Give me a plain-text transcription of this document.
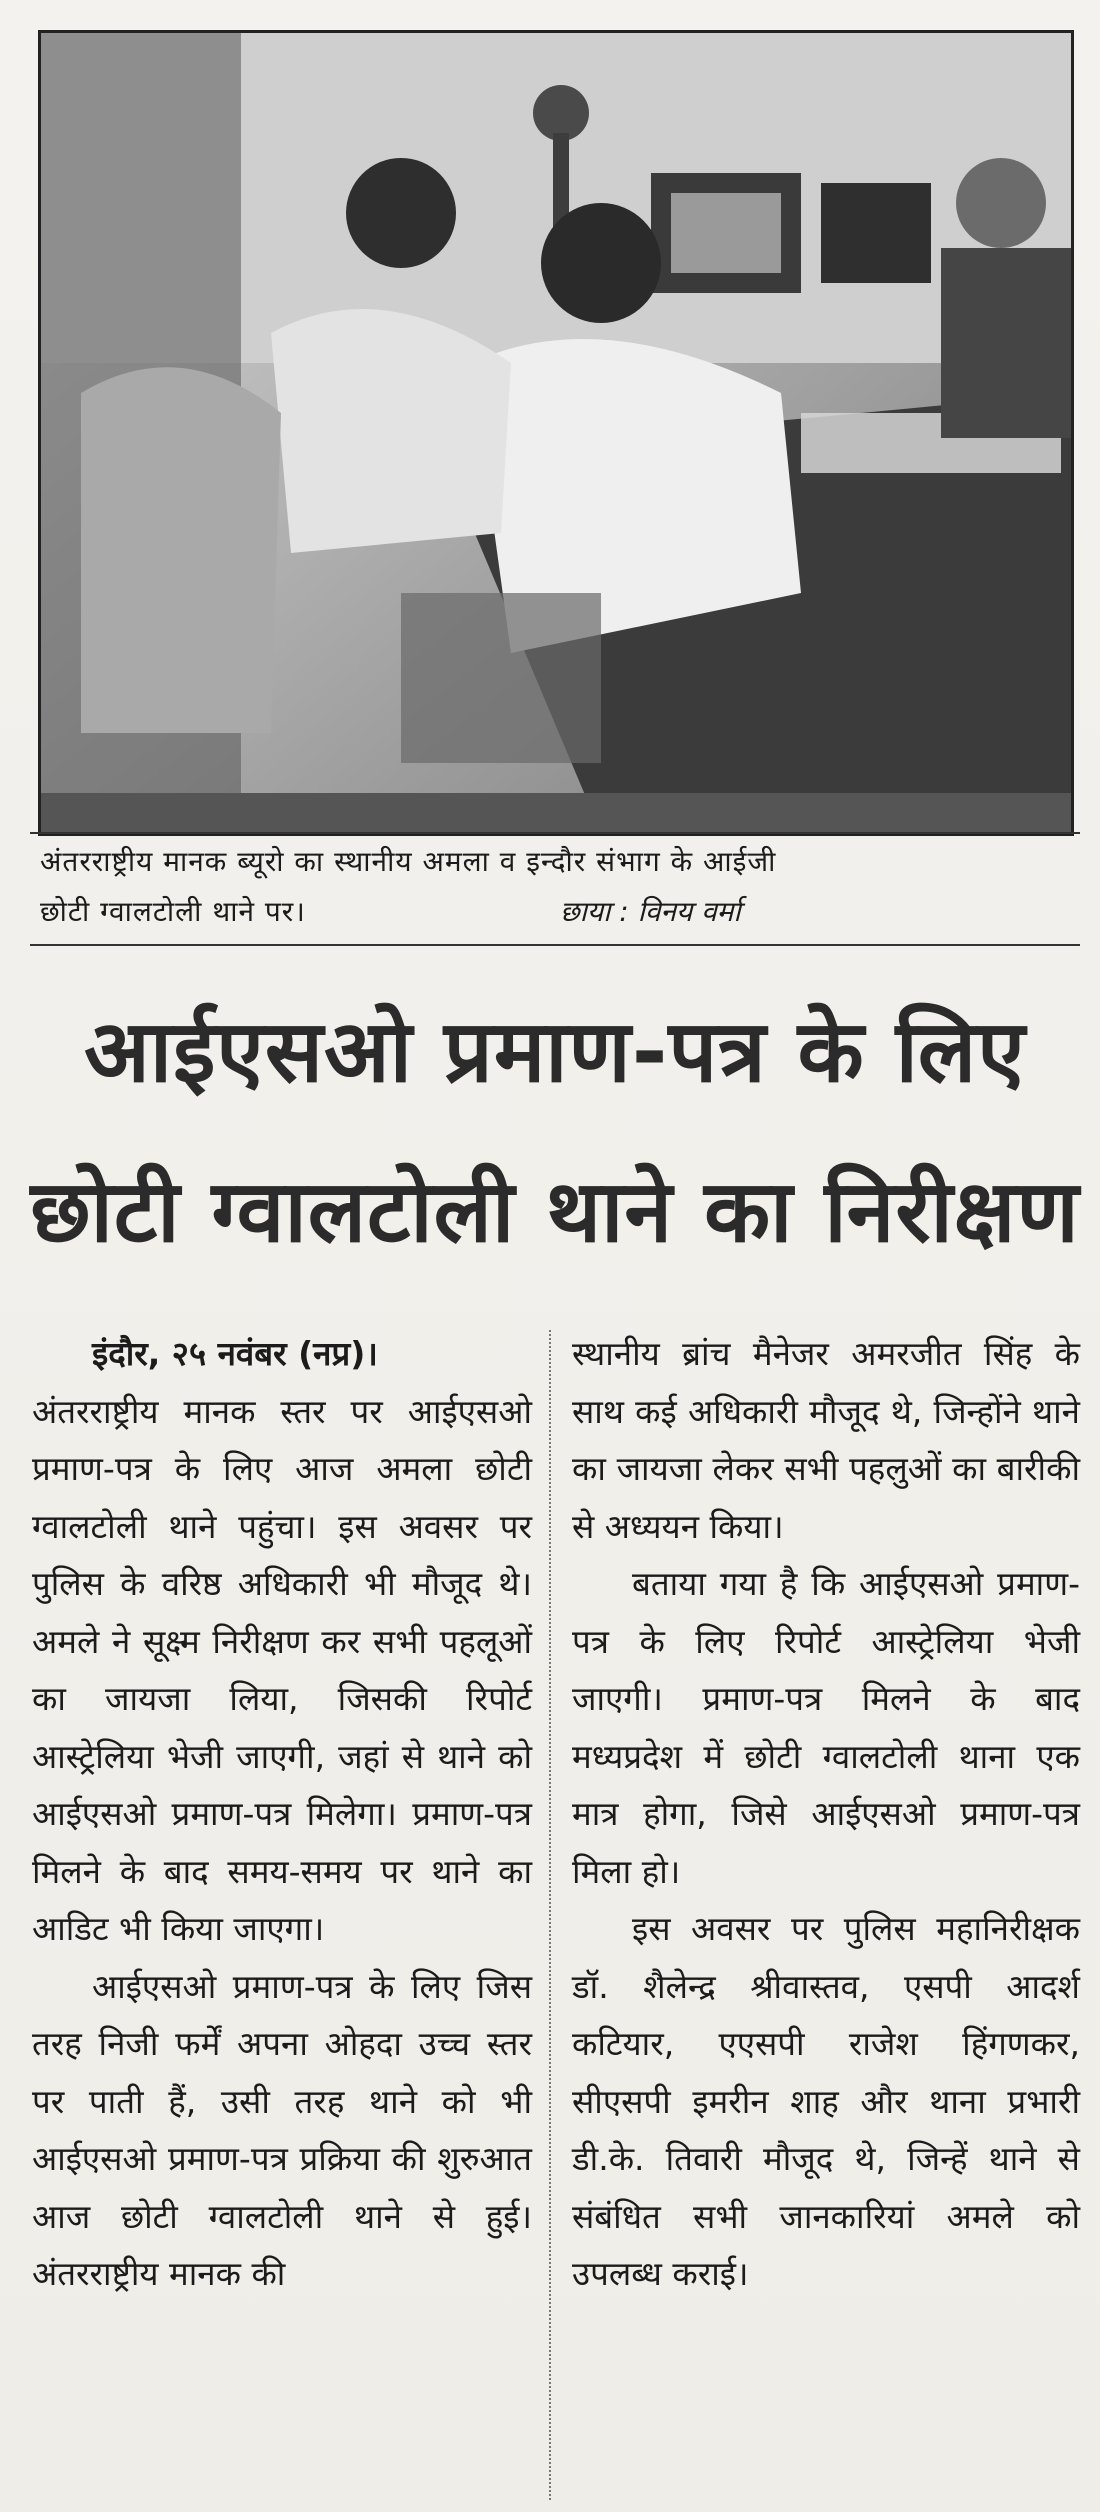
अंतरराष्ट्रीय मानक ब्यूरो का स्थानीय अमला व इन्दौर संभाग के आईजी
छोटी ग्वालटोली थाने पर।	छाया : विनय वर्मा
आईएसओ प्रमाण-पत्र के लिए
छोटी ग्वालटोली थाने का निरीक्षण

इंदौर, २५ नवंबर (नप्र)।

अंतरराष्ट्रीय मानक स्तर पर आईएसओ प्रमाण-पत्र के लिए आज अमला छोटी ग्वालटोली थाने पहुंचा। इस अवसर पर पुलिस के वरिष्ठ अधिकारी भी मौजूद थे। अमले ने सूक्ष्म निरीक्षण कर सभी पहलूओं का जायजा लिया, जिसकी रिपोर्ट आस्ट्रेलिया भेजी जाएगी, जहां से थाने को आईएसओ प्रमाण-पत्र मिलेगा। प्रमाण-पत्र मिलने के बाद समय-समय पर थाने का आडिट भी किया जाएगा।

आईएसओ प्रमाण-पत्र के लिए जिस तरह निजी फर्में अपना ओहदा उच्च स्तर पर पाती हैं, उसी तरह थाने को भी आईएसओ प्रमाण-पत्र प्रक्रिया की शुरुआत आज छोटी ग्वालटोली थाने से हुई। अंतरराष्ट्रीय मानक की

स्थानीय ब्रांच मैनेजर अमरजीत सिंह के साथ कई अधिकारी मौजूद थे, जिन्होंने थाने का जायजा लेकर सभी पहलुओं का बारीकी से अध्ययन किया।

बताया गया है कि आईएसओ प्रमाण-पत्र के लिए रिपोर्ट आस्ट्रेलिया भेजी जाएगी। प्रमाण-पत्र मिलने के बाद मध्यप्रदेश में छोटी ग्वालटोली थाना एक मात्र होगा, जिसे आईएसओ प्रमाण-पत्र मिला हो।

इस अवसर पर पुलिस महानिरीक्षक डॉ. शैलेन्द्र श्रीवास्तव, एसपी आदर्श कटियार, एएसपी राजेश हिंगणकर, सीएसपी इमरीन शाह और थाना प्रभारी डी.के. तिवारी मौजूद थे, जिन्हें थाने से संबंधित सभी जानकारियां अमले को उपलब्ध कराई।
